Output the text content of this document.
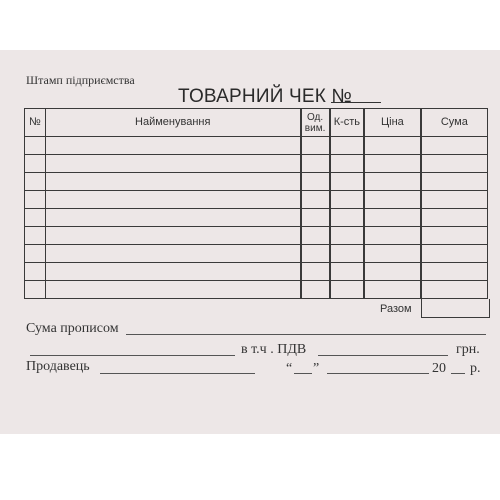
Штамп підприємства
ТОВАРНИЙ ЧЕК №
№	Найменування	Од. вим.	К-сть	Ціна	Сума

Разом
Сума прописом
в т.ч . ПДВ	грн.
Продавець	“ ”	20 р.
